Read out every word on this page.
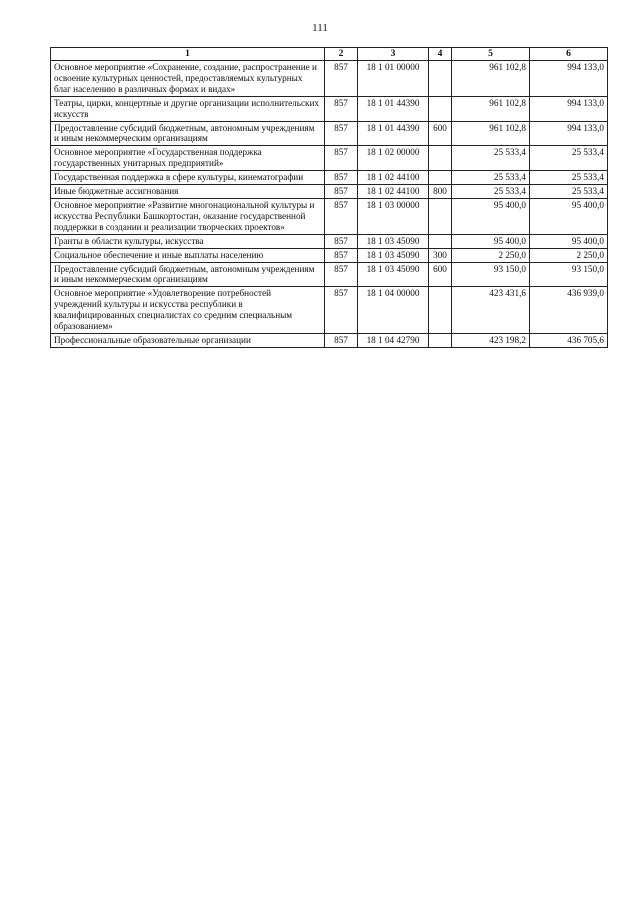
111
1	2	3	4	5	6
Основное мероприятие «Сохранение, создание, распространение и освоение культурных ценностей, предоставляемых культурных благ населению в различных формах и видах»	857	18 1 01 00000		961 102,8	994 133,0
Театры, цирки, концертные и другие организации исполнительских искусств	857	18 1 01 44390		961 102,8	994 133,0
Предоставление субсидий бюджетным, автономным учреждениям и иным некоммерческим организациям	857	18 1 01 44390	600	961 102,8	994 133,0
Основное мероприятие «Государственная поддержка государственных унитарных предприятий»	857	18 1 02 00000		25 533,4	25 533,4
Государственная поддержка в сфере культуры, кинематографии	857	18 1 02 44100		25 533,4	25 533,4
Иные бюджетные ассигнования	857	18 1 02 44100	800	25 533,4	25 533,4
Основное мероприятие «Развитие многонациональной культуры и искусства Республики Башкортостан, оказание государственной поддержки в создании и реализации творческих проектов»	857	18 1 03 00000		95 400,0	95 400,0
Гранты в области культуры, искусства	857	18 1 03 45090		95 400,0	95 400,0
Социальное обеспечение и иные выплаты населению	857	18 1 03 45090	300	2 250,0	2 250,0
Предоставление субсидий бюджетным, автономным учреждениям и иным некоммерческим организациям	857	18 1 03 45090	600	93 150,0	93 150,0
Основное мероприятие «Удовлетворение потребностей учреждений культуры и искусства республики в квалифицированных специалистах со средним специальным образованием»	857	18 1 04 00000		423 431,6	436 939,0
Профессиональные образовательные организации	857	18 1 04 42790		423 198,2	436 705,6
